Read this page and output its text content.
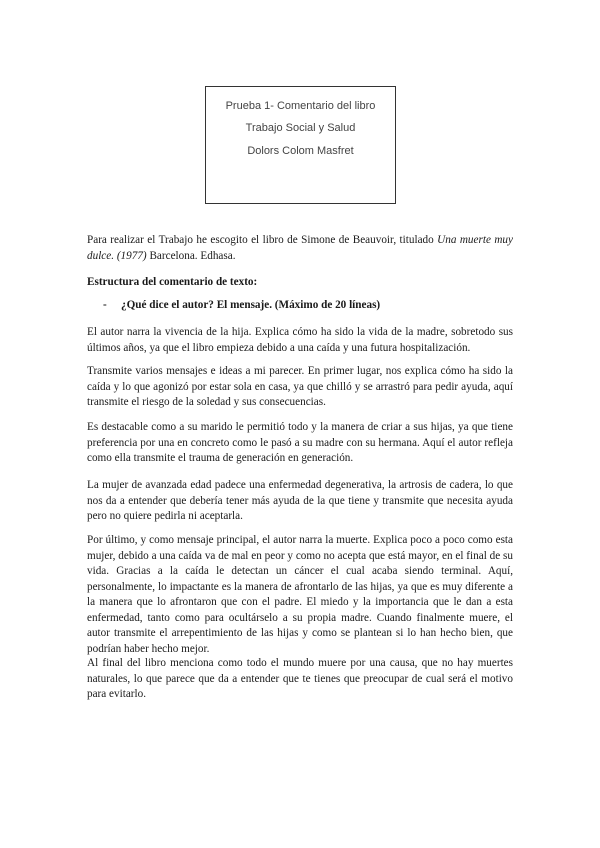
Prueba 1- Comentario del libro
Trabajo Social y Salud
Dolors Colom Masfret

Para realizar el Trabajo he escogito el libro de Simone de Beauvoir, titulado Una muerte muy dulce. (1977) Barcelona. Edhasa.

Estructura del comentario de texto:

- ¿Qué dice el autor? El mensaje. (Máximo de 20 líneas)

El autor narra la vivencia de la hija. Explica cómo ha sido la vida de la madre, sobretodo sus últimos años, ya que el libro empieza debido a una caída y una futura hospitalización.

Transmite varios mensajes e ideas a mi parecer. En primer lugar, nos explica cómo ha sido la caída y lo que agonizó por estar sola en casa, ya que chilló y se arrastró para pedir ayuda, aquí transmite el riesgo de la soledad y sus consecuencias.

Es destacable como a su marido le permitió todo y la manera de criar a sus hijas, ya que tiene preferencia por una en concreto como le pasó a su madre con su hermana. Aquí el autor refleja como ella transmite el trauma de generación en generación.

La mujer de avanzada edad padece una enfermedad degenerativa, la artrosis de cadera, lo que nos da a entender que debería tener más ayuda de la que tiene y transmite que necesita ayuda pero no quiere pedirla ni aceptarla.

Por último, y como mensaje principal, el autor narra la muerte. Explica poco a poco como esta mujer, debido a una caída va de mal en peor y como no acepta que está mayor, en el final de su vida. Gracias a la caída le detectan un cáncer el cual acaba siendo terminal. Aquí, personalmente, lo impactante es la manera de afrontarlo de las hijas, ya que es muy diferente a la manera que lo afrontaron que con el padre. El miedo y la importancia que le dan a esta enfermedad, tanto como para ocultárselo a su propia madre. Cuando finalmente muere, el autor transmite el arrepentimiento de las hijas y como se plantean si lo han hecho bien, que podrían haber hecho mejor.

Al final del libro menciona como todo el mundo muere por una causa, que no hay muertes naturales, lo que parece que da a entender que te tienes que preocupar de cual será el motivo para evitarlo.
